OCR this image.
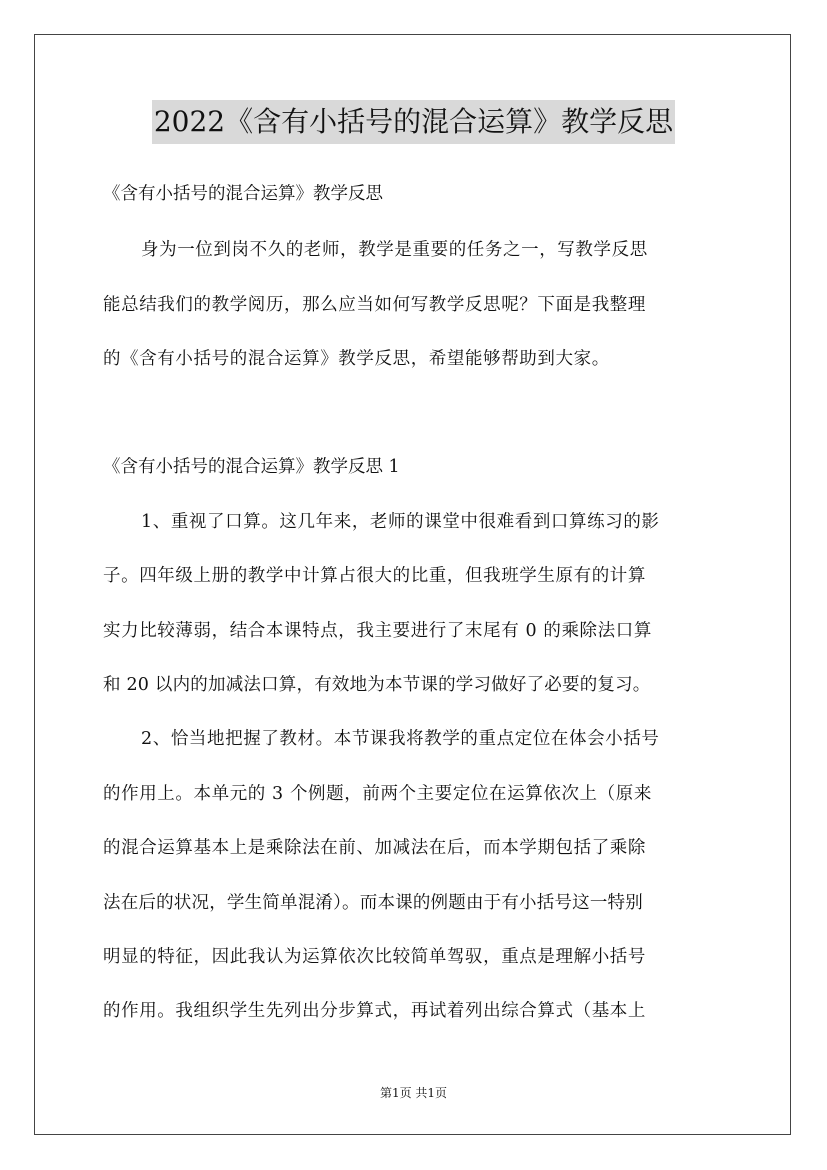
2022《含有小括号的混合运算》教学反思
《含有小括号的混合运算》教学反思
身为一位到岗不久的老师，教学是重要的任务之一，写教学反思
能总结我们的教学阅历，那么应当如何写教学反思呢？下面是我整理
的《含有小括号的混合运算》教学反思，希望能够帮助到大家。
《含有小括号的混合运算》教学反思 1
1、重视了口算。这几年来，老师的课堂中很难看到口算练习的影
子。四年级上册的教学中计算占很大的比重，但我班学生原有的计算
实力比较薄弱，结合本课特点，我主要进行了末尾有 0 的乘除法口算
和 20 以内的加减法口算，有效地为本节课的学习做好了必要的复习。
2、恰当地把握了教材。本节课我将教学的重点定位在体会小括号
的作用上。本单元的 3 个例题，前两个主要定位在运算依次上（原来
的混合运算基本上是乘除法在前、加减法在后，而本学期包括了乘除
法在后的状况，学生简单混淆）。而本课的例题由于有小括号这一特别
明显的特征，因此我认为运算依次比较简单驾驭，重点是理解小括号
的作用。我组织学生先列出分步算式，再试着列出综合算式（基本上
第1页 共1页
